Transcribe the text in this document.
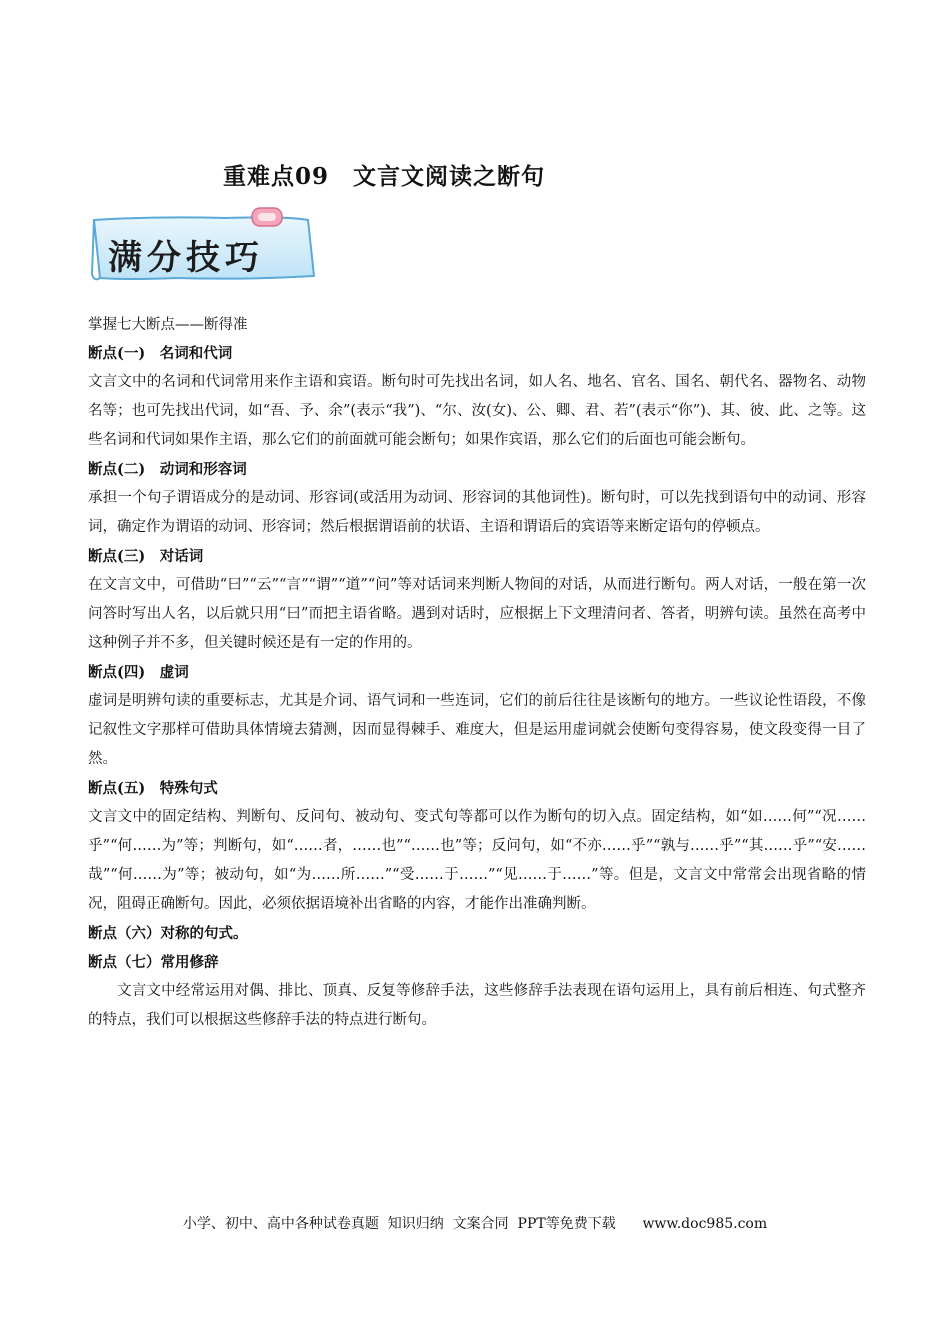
重难点09　文言文阅读之断句
满分技巧

掌握七大断点——断得准

断点(一)　名词和代词

文言文中的名词和代词常用来作主语和宾语。断句时可先找出名词，如人名、地名、官名、国名、朝代名、器物名、动物名等；也可先找出代词，如“吾、予、余”(表示“我”)、“尔、汝(女)、公、卿、君、若”(表示“你”)、其、彼、此、之等。这些名词和代词如果作主语，那么它们的前面就可能会断句；如果作宾语，那么它们的后面也可能会断句。

断点(二)　动词和形容词

承担一个句子谓语成分的是动词、形容词(或活用为动词、形容词的其他词性)。断句时，可以先找到语句中的动词、形容词，确定作为谓语的动词、形容词；然后根据谓语前的状语、主语和谓语后的宾语等来断定语句的停顿点。

断点(三)　对话词

在文言文中，可借助“曰”“云”“言”“谓”“道”“问”等对话词来判断人物间的对话，从而进行断句。两人对话，一般在第一次问答时写出人名，以后就只用“曰”而把主语省略。遇到对话时，应根据上下文理清问者、答者，明辨句读。虽然在高考中这种例子并不多，但关键时候还是有一定的作用的。

断点(四)　虚词

虚词是明辨句读的重要标志，尤其是介词、语气词和一些连词，它们的前后往往是该断句的地方。一些议论性语段，不像记叙性文字那样可借助具体情境去猜测，因而显得棘手、难度大，但是运用虚词就会使断句变得容易，使文段变得一目了然。

断点(五)　特殊句式

文言文中的固定结构、判断句、反问句、被动句、变式句等都可以作为断句的切入点。固定结构，如“如……何”“况……乎”“何……为”等；判断句，如“……者，……也”“……也”等；反问句，如“不亦……乎”“孰与……乎”“其……乎”“安……哉”“何……为”等；被动句，如“为……所……”“受……于……”“见……于……”等。但是，文言文中常常会出现省略的情况，阻碍正确断句。因此，必须依据语境补出省略的内容，才能作出准确判断。

断点（六）对称的句式。

断点（七）常用修辞

文言文中经常运用对偶、排比、顶真、反复等修辞手法，这些修辞手法表现在语句运用上，具有前后相连、句式整齐的特点，我们可以根据这些修辞手法的特点进行断句。

小学、初中、高中各种试卷真题  知识归纳  文案合同  PPT等免费下载      www.doc985.com
